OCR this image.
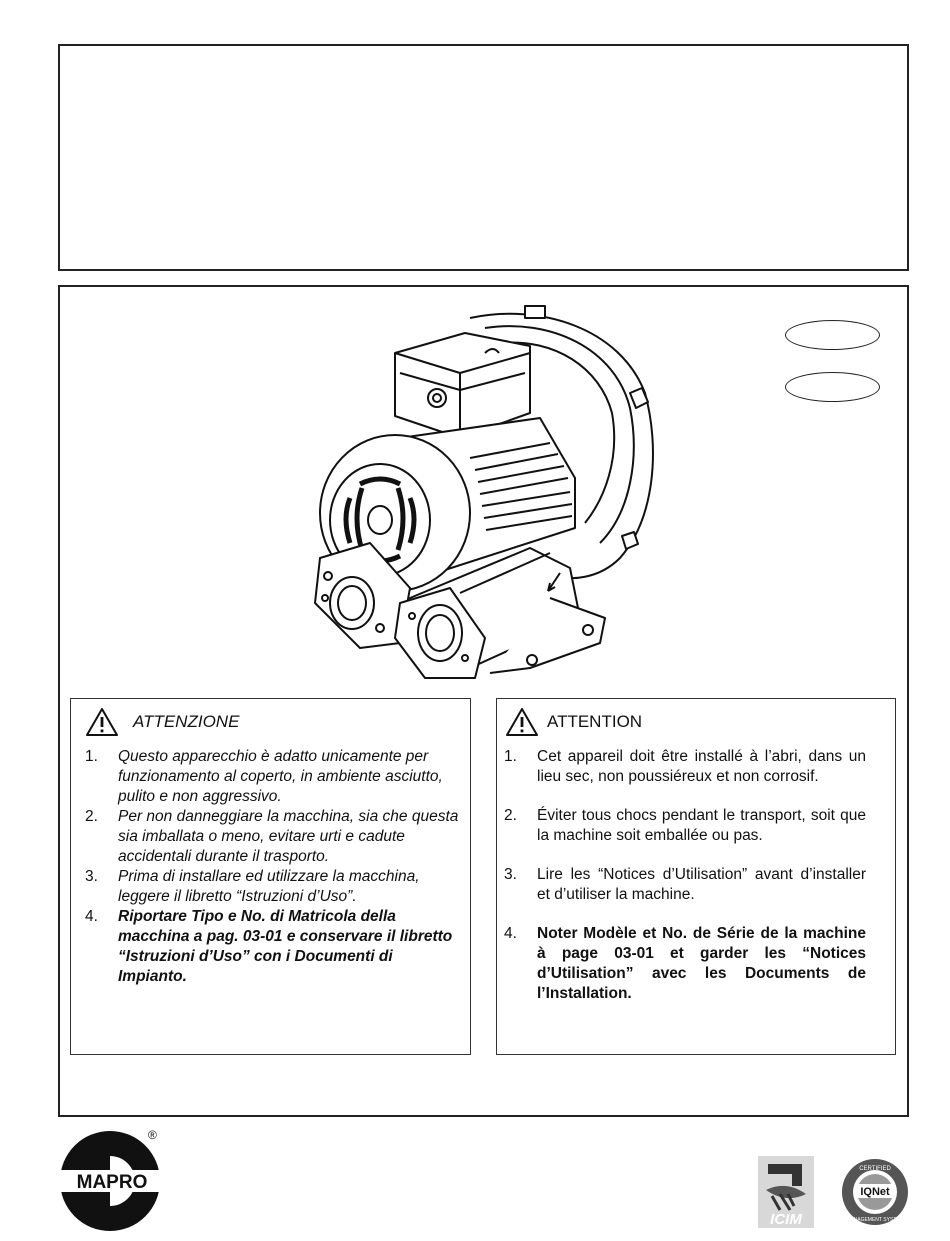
ATTENZIONE
1. Questo apparecchio è adatto unicamente per funzionamento al coperto, in ambiente asciutto, pulito e non aggressivo.
2. Per non danneggiare la macchina, sia che questa sia imballata o meno, evitare urti e cadute accidentali durante il trasporto.
3. Prima di installare ed utilizzare la macchina, leggere il libretto “Istruzioni d’Uso”.
4. Riportare Tipo e No. di Matricola della macchina a pag. 03-01 e conservare il libretto “Istruzioni d’Uso” con i Documenti di Impianto.
ATTENTION
1. Cet appareil doit être installé à l’abri, dans un lieu sec, non poussiéreux et non corrosif.
2. Éviter tous chocs pendant le transport, soit que la machine soit emballée ou pas.
3. Lire les “Notices d’Utilisation” avant d’installer et d’utiliser la machine.
4. Noter Modèle et No. de Série de la machine à page 03-01 et garder les “Notices d’Utilisation” avec les Documents de l’Installation.
MAPRO
®
ICIM
IQNet
CERTIFIED
MANAGEMENT SYSTEM
